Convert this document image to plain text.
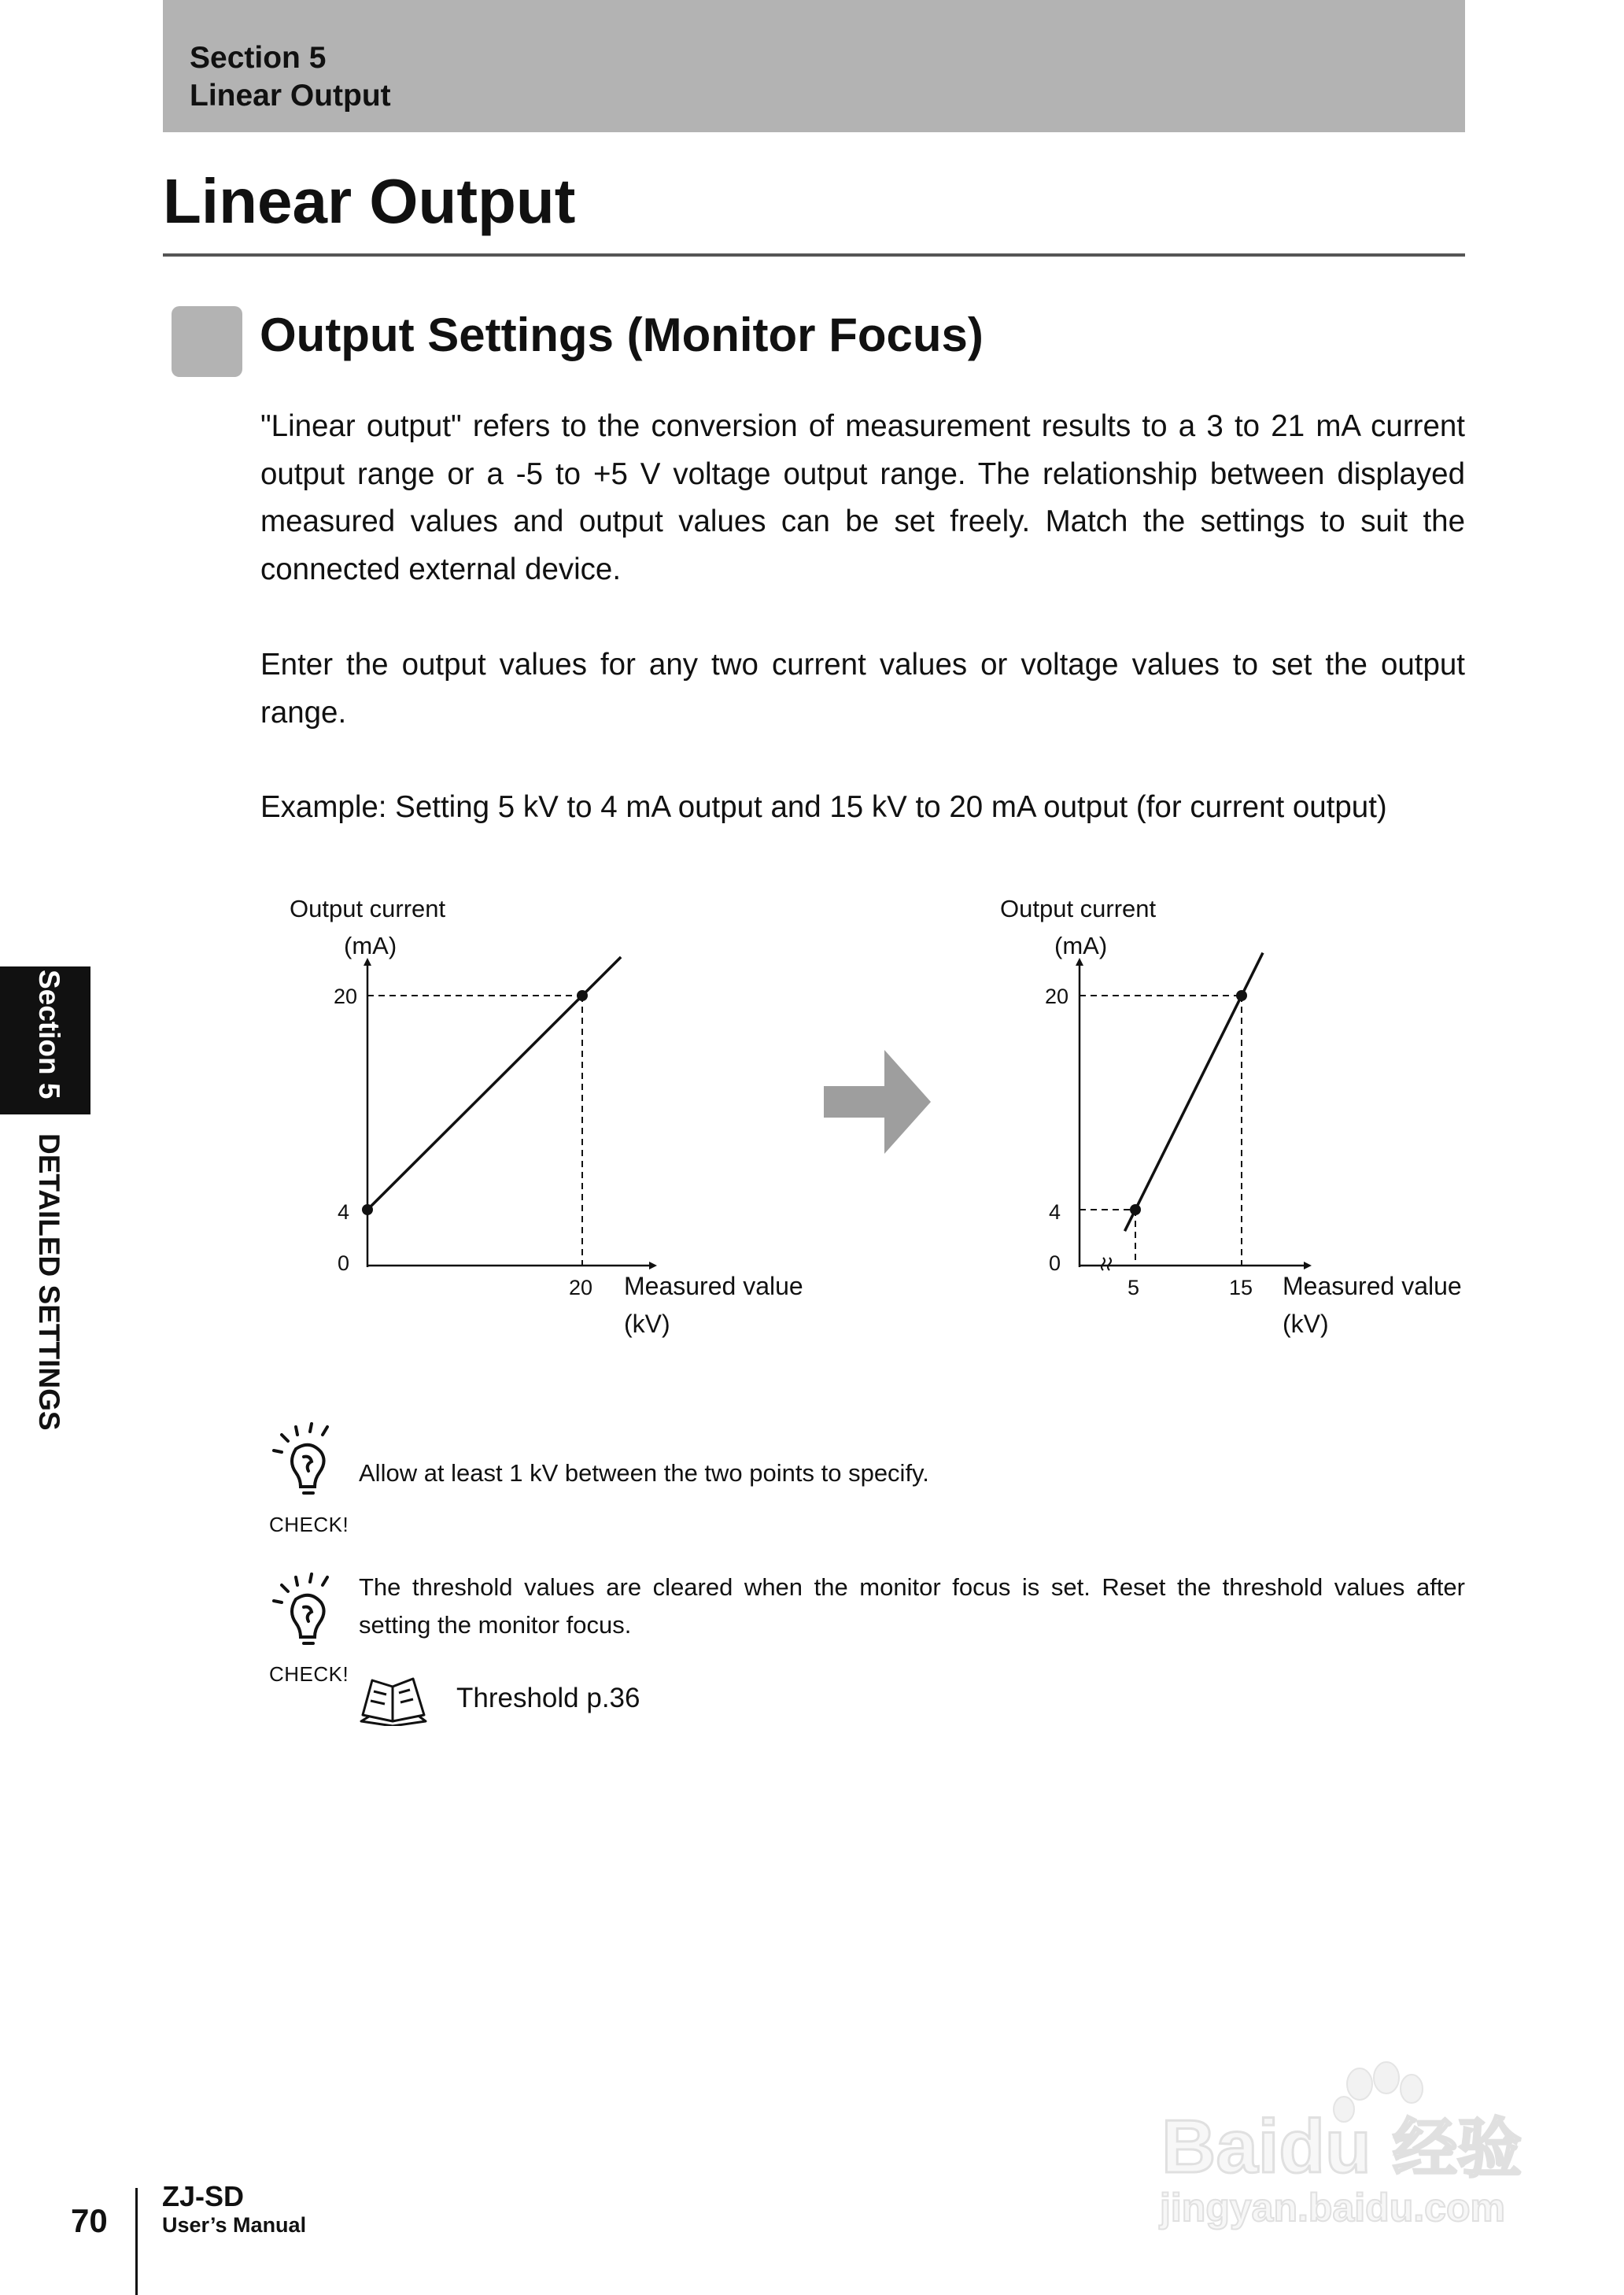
Section 5
Linear Output
Linear Output
Output Settings (Monitor Focus)
"Linear output" refers to the conversion of measurement results to a 3 to 21 mA current output range or a -5 to +5 V voltage output range. The relationship between displayed measured values and output values can be set freely. Match the settings to suit the connected external device.
Enter the output values for any two current values or voltage values to set the output range.
Example: Setting 5 kV to 4 mA output and 15 kV to 20 mA output (for current output)
Output current
(mA)
20
4
0
20 Measured value
(kV)
Output current
(mA)
20
4
0
5	15 Measured value
(kV)
CHECK!
Allow at least 1 kV between the two points to specify.
CHECK!
The threshold values are cleared when the monitor focus is set. Reset the threshold values after setting the monitor focus.
Threshold p.36
Section 5
DETAILED SETTINGS
70
ZJ-SD
User’s Manual
Baidu 经验
jingyan.baidu.com
